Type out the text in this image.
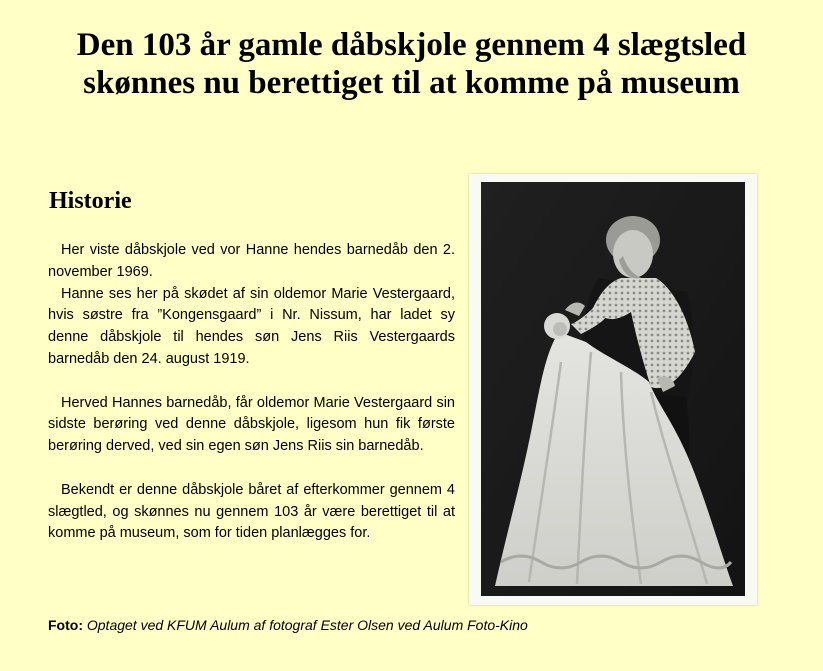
Den 103 år gamle dåbskjole gennem 4 slægtsled
skønnes nu berettiget til at komme på museum
Historie

Her viste dåbskjole ved vor Hanne hendes barnedåb den 2. november 1969.

Hanne ses her på skødet af sin oldemor Marie Vestergaard, hvis søstre fra ”Kongensgaard” i Nr. Nissum, har ladet sy denne dåbskjole til hendes søn Jens Riis Vestergaards barnedåb den 24. august 1919.

Herved Hannes barnedåb, får oldemor Marie Vestergaard sin sidste berøring ved denne dåbskjole, ligesom hun fik første berøring derved, ved sin egen søn Jens Riis sin barnedåb.

Bekendt er denne dåbskjole båret af efterkommer gennem 4 slægtled, og skønnes nu gennem 103 år være berettiget til at komme på museum, som for tiden planlægges for.

Foto: Optaget ved KFUM Aulum af fotograf Ester Olsen ved Aulum Foto-Kino
